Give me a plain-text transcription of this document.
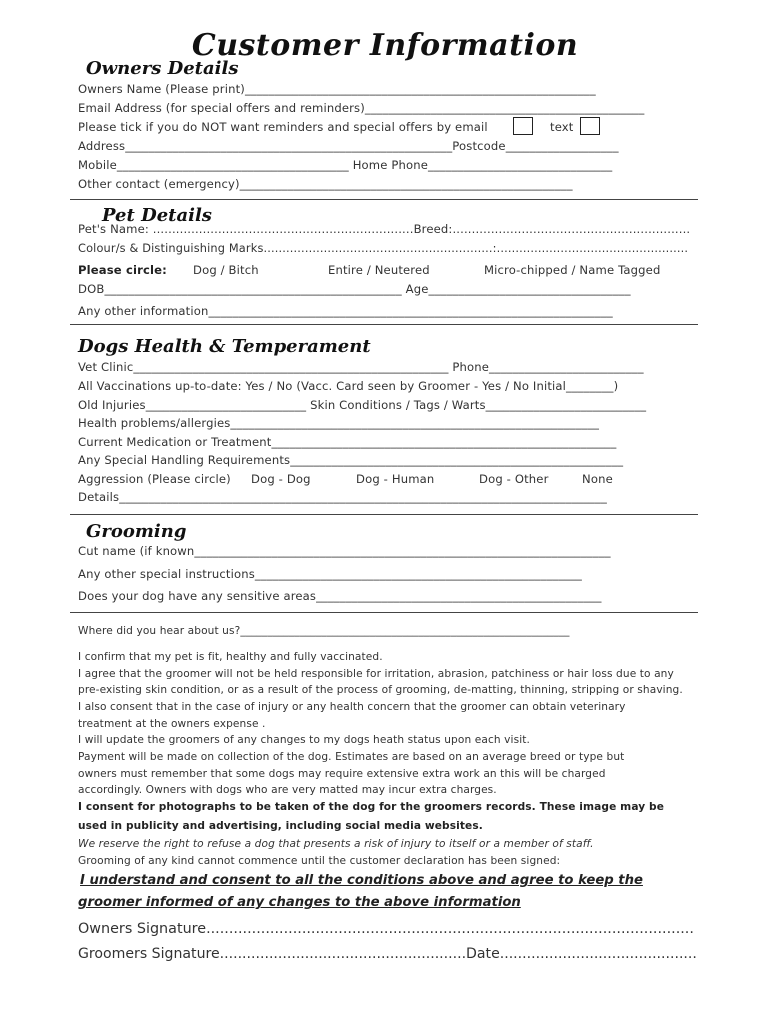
Customer Information
Owners Details
Owners Name (Please print)___________________________________________________________
Email Address (for special offers and reminders)_______________________________________________
Please tick if you do NOT want reminders and special offers by email	text
Address_______________________________________________________Postcode___________________
Mobile_______________________________________ Home Phone_______________________________
Other contact (emergency)________________________________________________________
Pet Details
Pet's Name: ....................................................................Breed:..............................................................
Colour/s & Distinguishing Marks.............................................................:...................................................
Please circle: Dog / Bitch	Entire / Neutered	Micro-chipped / Name Tagged
DOB__________________________________________________ Age__________________________________
Any other information____________________________________________________________________
Dogs Health & Temperament
Vet Clinic_____________________________________________________ Phone__________________________
All Vaccinations up-to-date: Yes / No (Vacc. Card seen by Groomer - Yes / No Initial________)
Old Injuries___________________________ Skin Conditions / Tags / Warts___________________________
Health problems/allergies______________________________________________________________
Current Medication or Treatment__________________________________________________________
Any Special Handling Requirements________________________________________________________
Aggression (Please circle) Dog - Dog	Dog - Human	Dog - Other	None
Details__________________________________________________________________________________
Grooming
Cut name (if known______________________________________________________________________
Any other special instructions_______________________________________________________
Does your dog have any sensitive areas________________________________________________
Where did you hear about us?_____________________________________________________________
I confirm that my pet is fit, healthy and fully vaccinated.
I agree that the groomer will not be held responsible for irritation, abrasion, patchiness or hair loss due to any
pre-existing skin condition, or as a result of the process of grooming, de-matting, thinning, stripping or shaving.
I also consent that in the case of injury or any health concern that the groomer can obtain veterinary
treatment at the owners expense .
I will update the groomers of any changes to my dogs heath status upon each visit.
Payment will be made on collection of the dog. Estimates are based on an average breed or type but
owners must remember that some dogs may require extensive extra work an this will be charged
accordingly. Owners with dogs who are very matted may incur extra charges.
I consent for photographs to be taken of the dog for the groomers records. These image may be
used in publicity and advertising, including social media websites.
We reserve the right to refuse a dog that presents a risk of injury to itself or a member of staff.
Grooming of any kind cannot commence until the customer declaration has been signed:
I understand and consent to all the conditions above and agree to keep the
groomer informed of any changes to the above information
Owners Signature...........................................................................................................
Groomers Signature.......................................................Date............................................
